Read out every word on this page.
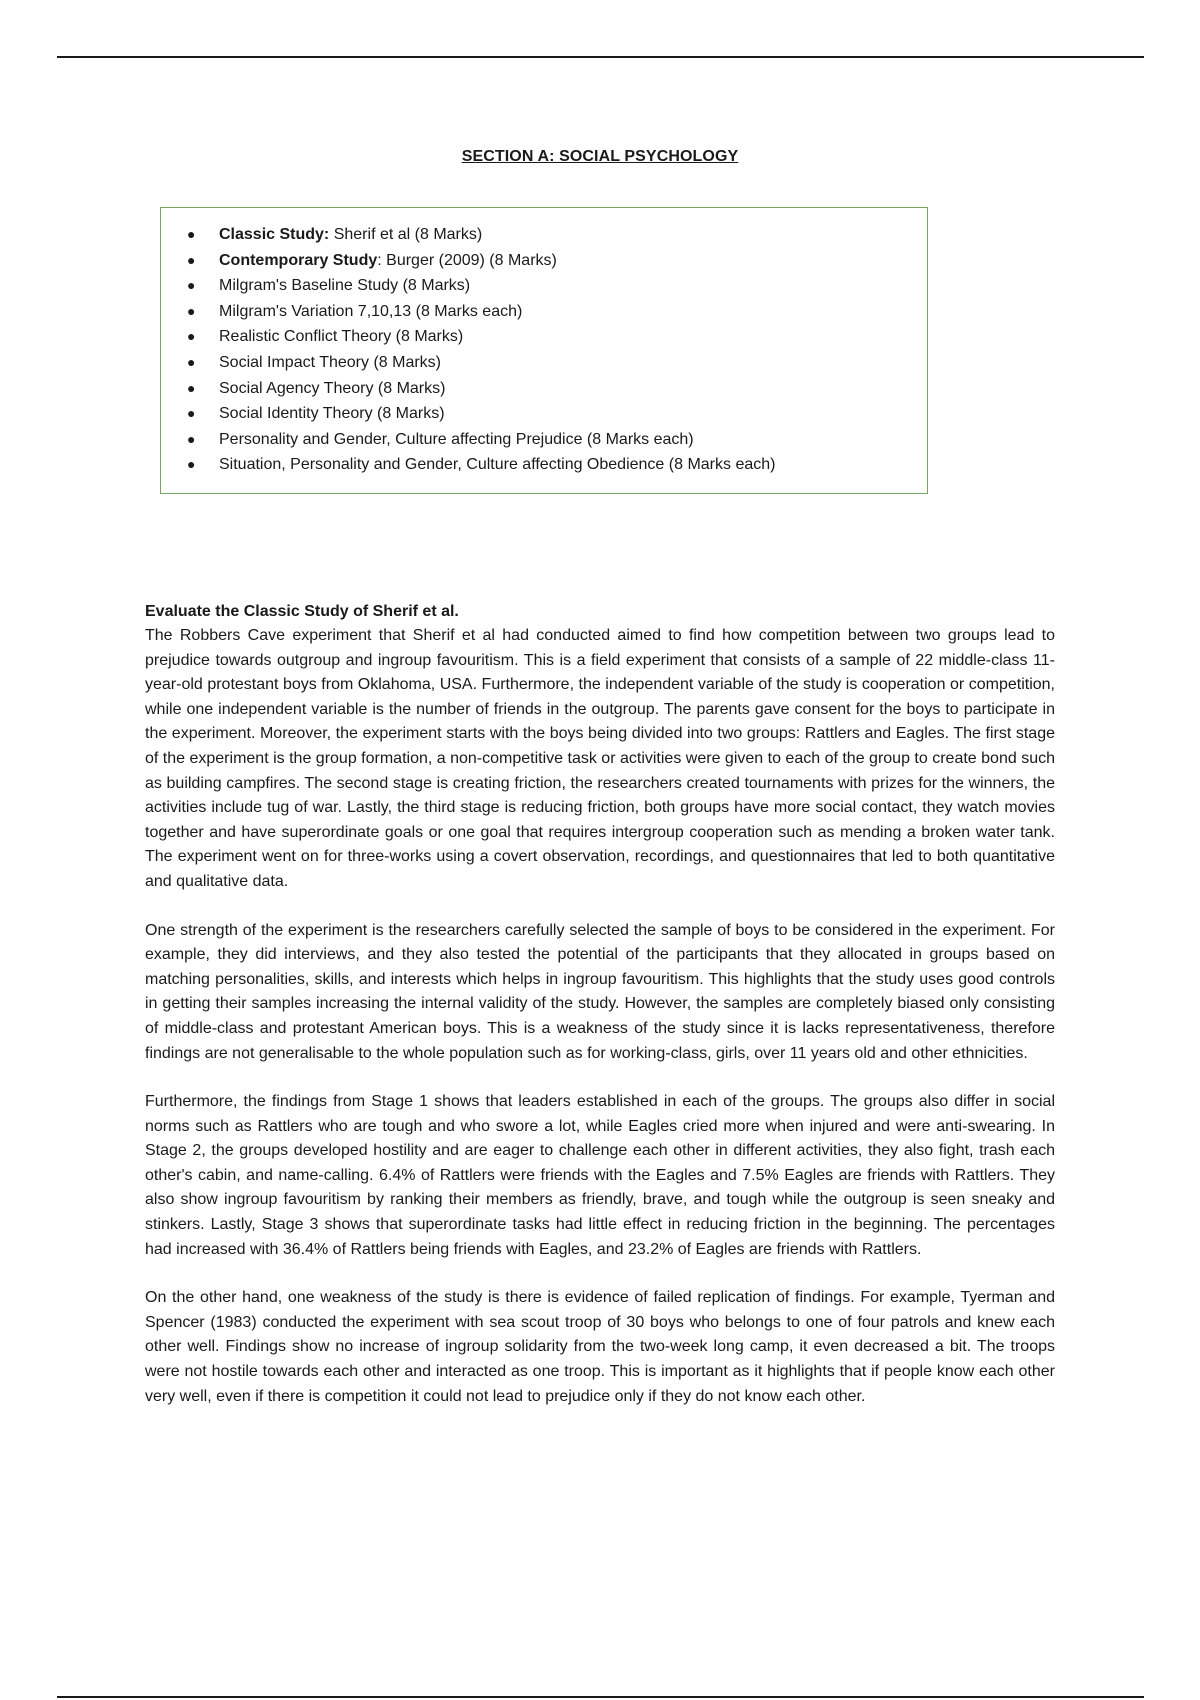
SECTION A: SOCIAL PSYCHOLOGY
● Classic Study: Sherif et al (8 Marks)
● Contemporary Study: Burger (2009) (8 Marks)
● Milgram's Baseline Study (8 Marks)
● Milgram's Variation 7,10,13 (8 Marks each)
● Realistic Conflict Theory (8 Marks)
● Social Impact Theory (8 Marks)
● Social Agency Theory (8 Marks)
● Social Identity Theory (8 Marks)
● Personality and Gender, Culture affecting Prejudice (8 Marks each)
● Situation, Personality and Gender, Culture affecting Obedience (8 Marks each)
Evaluate the Classic Study of Sherif et al.

The Robbers Cave experiment that Sherif et al had conducted aimed to find how competition between two groups lead to prejudice towards outgroup and ingroup favouritism. This is a field experiment that consists of a sample of 22 middle-class 11-year-old protestant boys from Oklahoma, USA. Furthermore, the independent variable of the study is cooperation or competition, while one independent variable is the number of friends in the outgroup. The parents gave consent for the boys to participate in the experiment. Moreover, the experiment starts with the boys being divided into two groups: Rattlers and Eagles. The first stage of the experiment is the group formation, a non-competitive task or activities were given to each of the group to create bond such as building campfires. The second stage is creating friction, the researchers created tournaments with prizes for the winners, the activities include tug of war. Lastly, the third stage is reducing friction, both groups have more social contact, they watch movies together and have superordinate goals or one goal that requires intergroup cooperation such as mending a broken water tank. The experiment went on for three-works using a covert observation, recordings, and questionnaires that led to both quantitative and qualitative data.

One strength of the experiment is the researchers carefully selected the sample of boys to be considered in the experiment. For example, they did interviews, and they also tested the potential of the participants that they allocated in groups based on matching personalities, skills, and interests which helps in ingroup favouritism. This highlights that the study uses good controls in getting their samples increasing the internal validity of the study. However, the samples are completely biased only consisting of middle-class and protestant American boys. This is a weakness of the study since it is lacks representativeness, therefore findings are not generalisable to the whole population such as for working-class, girls, over 11 years old and other ethnicities.

Furthermore, the findings from Stage 1 shows that leaders established in each of the groups. The groups also differ in social norms such as Rattlers who are tough and who swore a lot, while Eagles cried more when injured and were anti-swearing. In Stage 2, the groups developed hostility and are eager to challenge each other in different activities, they also fight, trash each other's cabin, and name-calling. 6.4% of Rattlers were friends with the Eagles and 7.5% Eagles are friends with Rattlers. They also show ingroup favouritism by ranking their members as friendly, brave, and tough while the outgroup is seen sneaky and stinkers. Lastly, Stage 3 shows that superordinate tasks had little effect in reducing friction in the beginning. The percentages had increased with 36.4% of Rattlers being friends with Eagles, and 23.2% of Eagles are friends with Rattlers.

On the other hand, one weakness of the study is there is evidence of failed replication of findings. For example, Tyerman and Spencer (1983) conducted the experiment with sea scout troop of 30 boys who belongs to one of four patrols and knew each other well. Findings show no increase of ingroup solidarity from the two-week long camp, it even decreased a bit. The troops were not hostile towards each other and interacted as one troop. This is important as it highlights that if people know each other very well, even if there is competition it could not lead to prejudice only if they do not know each other.
